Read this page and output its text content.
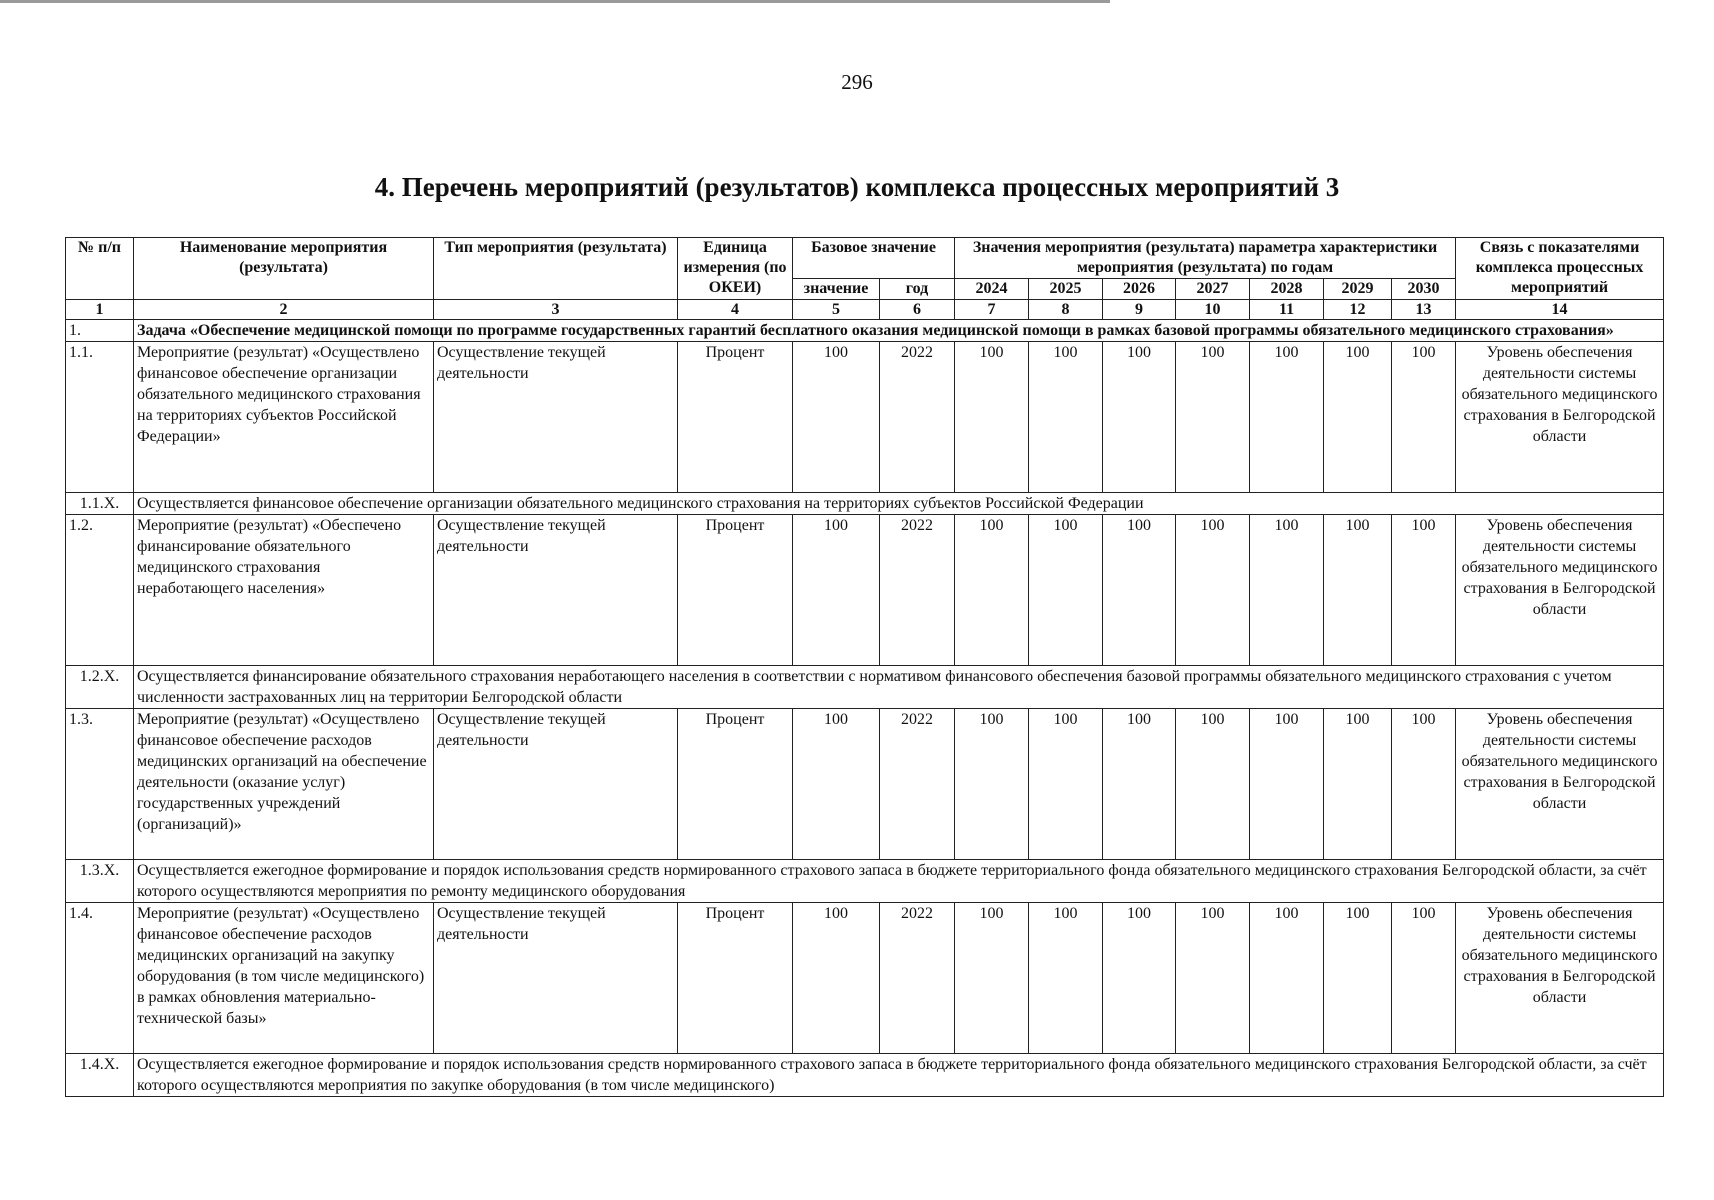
296
4. Перечень мероприятий (результатов) комплекса процессных мероприятий 3
№ п/п	Наименование мероприятия (результата)	Тип мероприятия (результата)	Единица измерения (по ОКЕИ)	Базовое значение		Значения мероприятия (результата) параметра характеристики мероприятия (результата) по годам							Связь с показателями комплекса процессных мероприятий
				значение	год	2024	2025	2026	2027	2028	2029	2030	
1	2	3	4	5	6	7	8	9	10	11	12	13	14
1.	Задача «Обеспечение медицинской помощи по программе государственных гарантий бесплатного оказания медицинской помощи в рамках базовой программы обязательного медицинского страхования»												
1.1.	Мероприятие (результат) «Осуществлено финансовое обеспечение организации обязательного медицинского страхования на территориях субъектов Российской Федерации»	Осуществление текущей деятельности	Процент	100	2022	100	100	100	100	100	100	100	Уровень обеспечения деятельности системы обязательного медицинского страхования в Белгородской области
1.1.X.	Осуществляется финансовое обеспечение организации обязательного медицинского страхования на территориях субъектов Российской Федерации												
1.2.	Мероприятие (результат) «Обеспечено финансирование обязательного медицинского страхования неработающего населения»	Осуществление текущей деятельности	Процент	100	2022	100	100	100	100	100	100	100	Уровень обеспечения деятельности системы обязательного медицинского страхования в Белгородской области
1.2.X.	Осуществляется финансирование обязательного страхования неработающего населения в соответствии с нормативом финансового обеспечения базовой программы обязательного медицинского страхования с учетом численности застрахованных лиц на территории Белгородской области												
1.3.	Мероприятие (результат) «Осуществлено финансовое обеспечение расходов медицинских организаций на обеспечение деятельности (оказание услуг) государственных учреждений (организаций)»	Осуществление текущей деятельности	Процент	100	2022	100	100	100	100	100	100	100	Уровень обеспечения деятельности системы обязательного медицинского страхования в Белгородской области
1.3.X.	Осуществляется ежегодное формирование и порядок использования средств нормированного страхового запаса в бюджете территориального фонда обязательного медицинского страхования Белгородской области, за счёт которого осуществляются мероприятия по ремонту медицинского оборудования												
1.4.	Мероприятие (результат) «Осуществлено финансовое обеспечение расходов медицинских организаций на закупку оборудования (в том числе медицинского) в рамках обновления материально-технической базы»	Осуществление текущей деятельности	Процент	100	2022	100	100	100	100	100	100	100	Уровень обеспечения деятельности системы обязательного медицинского страхования в Белгородской области
1.4.X.	Осуществляется ежегодное формирование и порядок использования средств нормированного страхового запаса в бюджете территориального фонда обязательного медицинского страхования Белгородской области, за счёт которого осуществляются мероприятия по закупке оборудования (в том числе медицинского)												
